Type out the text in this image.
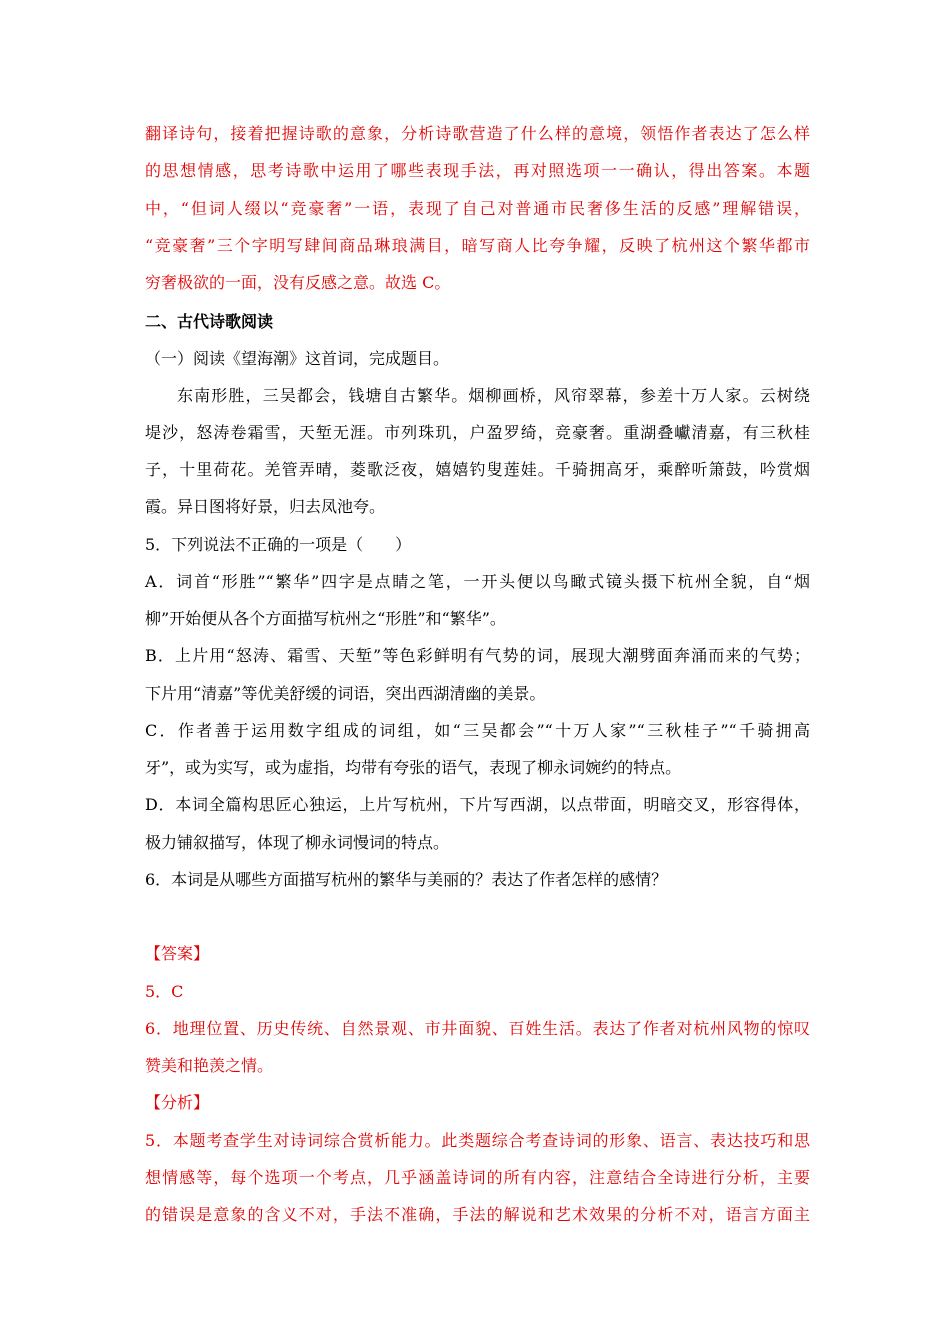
翻译诗句，接着把握诗歌的意象，分析诗歌营造了什么样的意境，领悟作者表达了怎么样
的思想情感，思考诗歌中运用了哪些表现手法，再对照选项一一确认，得出答案。本题
中，“但词人缀以“竞豪奢”一语，表现了自己对普通市民奢侈生活的反感”理解错误，
“竞豪奢”三个字明写肆间商品琳琅满目，暗写商人比夸争耀，反映了杭州这个繁华都市
穷奢极欲的一面，没有反感之意。故选 C。
二、古代诗歌阅读
（一）阅读《望海潮》这首词，完成题目。
东南形胜，三吴都会，钱塘自古繁华。烟柳画桥，风帘翠幕，参差十万人家。云树绕
堤沙，怒涛卷霜雪，天堑无涯。市列珠玑，户盈罗绮，竞豪奢。重湖叠巘清嘉，有三秋桂
子，十里荷花。羌管弄晴，菱歌泛夜，嬉嬉钓叟莲娃。千骑拥高牙，乘醉听箫鼓，吟赏烟
霞。异日图将好景，归去凤池夸。
5．下列说法不正确的一项是（　　）
A．词首“形胜”“繁华”四字是点睛之笔，一开头便以鸟瞰式镜头摄下杭州全貌，自“烟
柳”开始便从各个方面描写杭州之“形胜”和“繁华”。
B．上片用“怒涛、霜雪、天堑”等色彩鲜明有气势的词，展现大潮劈面奔涌而来的气势；
下片用“清嘉”等优美舒缓的词语，突出西湖清幽的美景。
C．作者善于运用数字组成的词组，如“三吴都会”“十万人家”“三秋桂子”“千骑拥高
牙”，或为实写，或为虚指，均带有夸张的语气，表现了柳永词婉约的特点。
D．本词全篇构思匠心独运，上片写杭州，下片写西湖，以点带面，明暗交叉，形容得体，
极力铺叙描写，体现了柳永词慢词的特点。
6．本词是从哪些方面描写杭州的繁华与美丽的？表达了作者怎样的感情？
【答案】
5．C
6．地理位置、历史传统、自然景观、市井面貌、百姓生活。表达了作者对杭州风物的惊叹
赞美和艳羡之情。
【分析】
5．本题考查学生对诗词综合赏析能力。此类题综合考查诗词的形象、语言、表达技巧和思
想情感等，每个选项一个考点，几乎涵盖诗词的所有内容，注意结合全诗进行分析，主要
的错误是意象的含义不对，手法不准确，手法的解说和艺术效果的分析不对，语言方面主
